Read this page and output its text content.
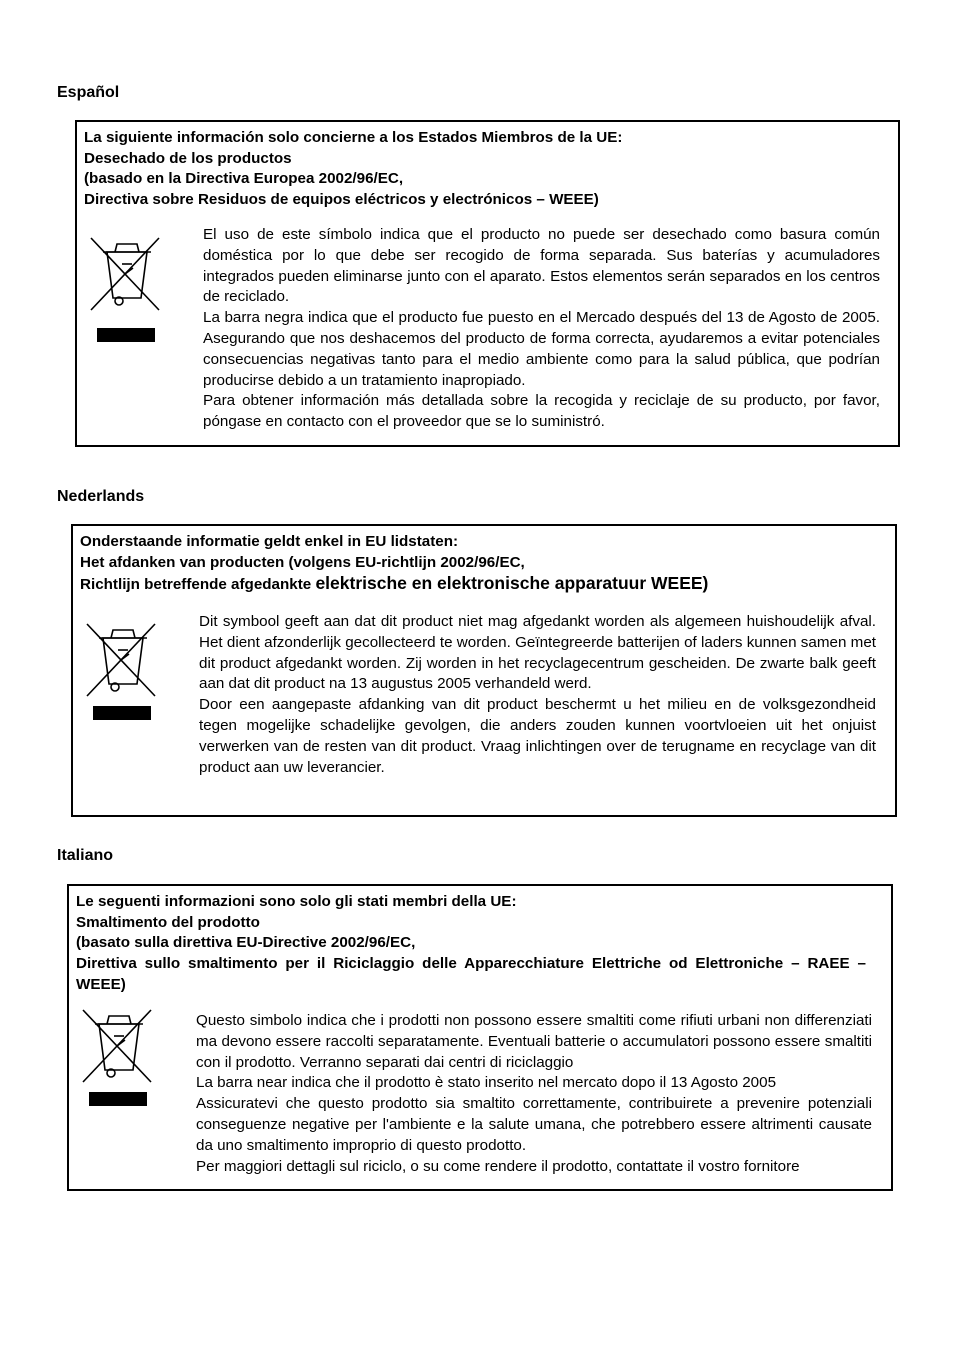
Español
La siguiente información solo concierne a los Estados Miembros de la UE:
Desechado de los productos
(basado en la Directiva Europea 2002/96/EC,
Directiva sobre Residuos de equipos eléctricos y electrónicos – WEEE)

El uso de este símbolo indica que el producto no puede ser desechado como basura común doméstica por lo que debe ser recogido de forma separada. Sus baterías y acumuladores integrados pueden eliminarse junto con el aparato. Estos elementos serán separados en los centros de reciclado.

La barra negra indica que el producto fue puesto en el Mercado después del 13 de Agosto de 2005. Asegurando que nos deshacemos del producto de forma correcta, ayudaremos a evitar potenciales consecuencias negativas tanto para el medio ambiente como para la salud pública, que podrían producirse debido a un tratamiento inapropiado.

Para obtener información más detallada sobre la recogida y reciclaje de su producto, por favor, póngase en contacto con el proveedor que se lo suministró.

Nederlands
Onderstaande informatie geldt enkel in EU lidstaten:
Het afdanken van producten (volgens EU-richtlijn 2002/96/EC,
Richtlijn betreffende afgedankte elektrische en elektronische apparatuur WEEE)

Dit symbool geeft aan dat dit product niet mag afgedankt worden als algemeen huishoudelijk afval. Het dient afzonderlijk gecollecteerd te worden. Geïntegreerde batterijen of laders kunnen samen met dit product afgedankt worden. Zij worden in het recyclagecentrum gescheiden. De zwarte balk geeft aan dat dit product na 13 augustus 2005 verhandeld werd.

Door een aangepaste afdanking van dit product beschermt u het milieu en de volksgezondheid tegen mogelijke schadelijke gevolgen, die anders zouden kunnen voortvloeien uit het onjuist verwerken van de resten van dit product. Vraag inlichtingen over de terugname en recyclage van dit product aan uw leverancier.

Italiano
Le seguenti informazioni sono solo gli stati membri della UE:
Smaltimento del prodotto
(basato sulla direttiva EU-Directive 2002/96/EC,
Direttiva sullo smaltimento per il Riciclaggio delle Apparecchiature Elettriche od Elettroniche – RAEE – WEEE)

Questo simbolo indica che i prodotti non possono essere smaltiti come rifiuti urbani non differenziati ma devono essere raccolti separatamente. Eventuali batterie o accumulatori possono essere smaltiti con il prodotto. Verranno separati dai centri di riciclaggio

La barra near indica che il prodotto è stato inserito nel mercato dopo il 13 Agosto 2005

Assicuratevi che questo prodotto sia smaltito correttamente, contribuirete a prevenire potenziali conseguenze negative per l'ambiente e la salute umana, che potrebbero essere altrimenti causate da uno smaltimento improprio di questo prodotto.

Per maggiori dettagli sul riciclo, o su come rendere il prodotto, contattate il vostro fornitore
